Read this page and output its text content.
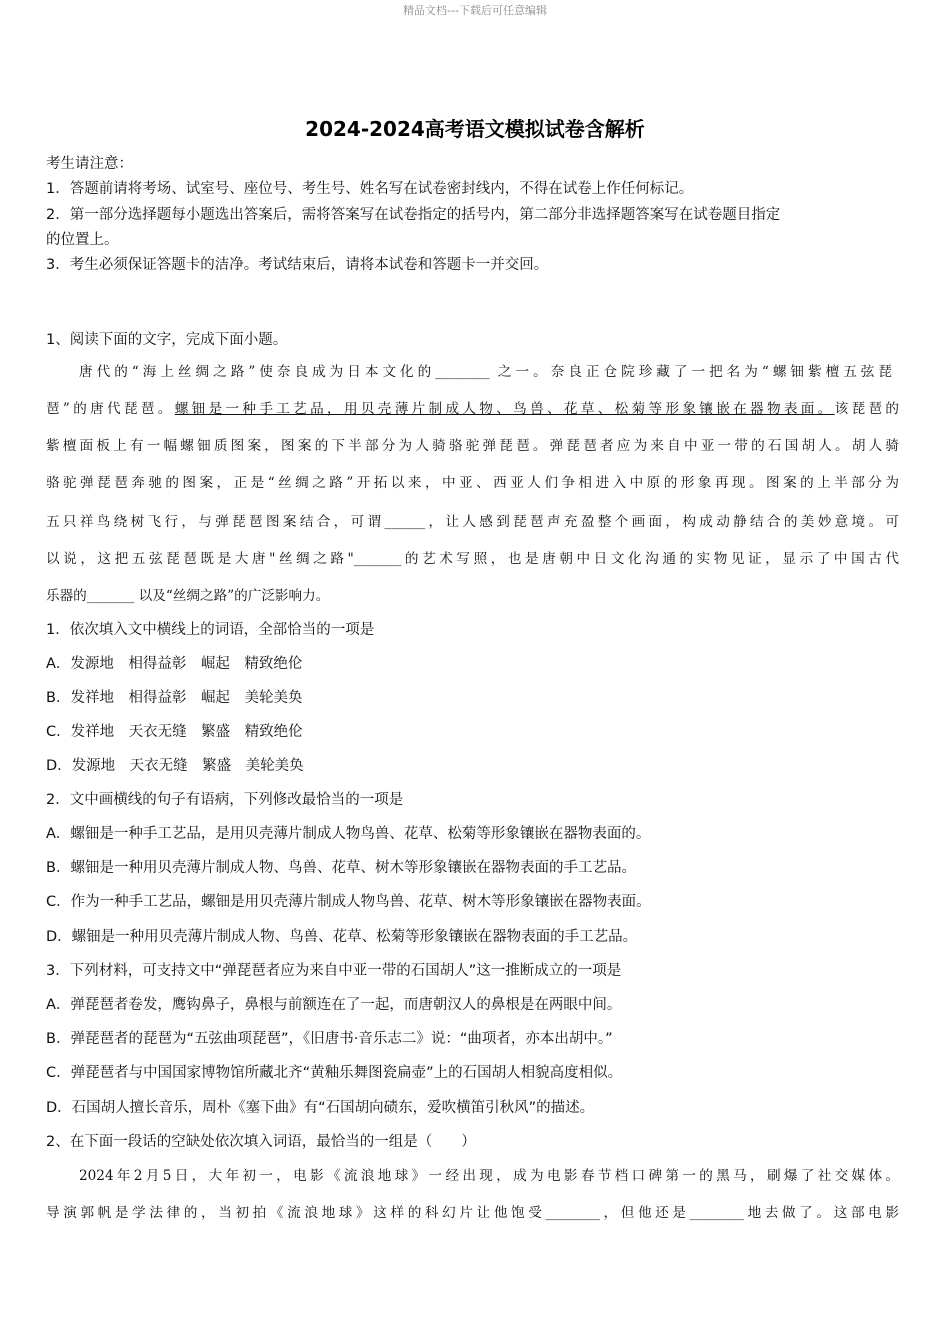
精品文档---下载后可任意编辑
2024-2024高考语文模拟试卷含解析
考生请注意：
1．答题前请将考场、试室号、座位号、考生号、姓名写在试卷密封线内，不得在试卷上作任何标记。
2．第一部分选择题每小题选出答案后，需将答案写在试卷指定的括号内，第二部分非选择题答案写在试卷题目指定
的位置上。
3．考生必须保证答题卡的洁净。考试结束后，请将本试卷和答题卡一并交回。
1、阅读下面的文字，完成下面小题。
唐代的“海上丝绸之路”使奈良成为日本文化的________ 之一。奈良正仓院珍藏了一把名为“螺钿紫檀五弦琵
琶”的唐代琵琶。螺钿是一种手工艺品，用贝壳薄片制成人物、鸟兽、花草、松菊等形象镶嵌在器物表面。该琵琶的
紫檀面板上有一幅螺钿质图案，图案的下半部分为人骑骆驼弹琵琶。弹琵琶者应为来自中亚一带的石国胡人。胡人骑
骆驼弹琵琶奔驰的图案，正是“丝绸之路”开拓以来，中亚、西亚人们争相进入中原的形象再现。图案的上半部分为
五只祥鸟绕树飞行，与弹琵琶图案结合，可谓______，让人感到琵琶声充盈整个画面，构成动静结合的美妙意境。可
以说，这把五弦琵琶既是大唐"丝绸之路"_______的艺术写照，也是唐朝中日文化沟通的实物见证，显示了中国古代
乐器的_______ 以及“丝绸之路”的广泛影响力。
1．依次填入文中横线上的词语，全部恰当的一项是
A．发源地　相得益彰　崛起　精致绝伦
B．发祥地　相得益彰　崛起　美轮美奂
C．发祥地　天衣无缝　繁盛　精致绝伦
D．发源地　天衣无缝　繁盛　美轮美奂
2．文中画横线的句子有语病，下列修改最恰当的一项是
A．螺钿是一种手工艺品，是用贝壳薄片制成人物鸟兽、花草、松菊等形象镶嵌在器物表面的。
B．螺钿是一种用贝壳薄片制成人物、鸟兽、花草、树木等形象镶嵌在器物表面的手工艺品。
C．作为一种手工艺品，螺钿是用贝壳薄片制成人物鸟兽、花草、树木等形象镶嵌在器物表面。
D．螺钿是一种用贝壳薄片制成人物、鸟兽、花草、松菊等形象镶嵌在器物表面的手工艺品。
3．下列材料，可支持文中“弹琵琶者应为来自中亚一带的石国胡人”这一推断成立的一项是
A．弹琵琶者卷发，鹰钩鼻子，鼻根与前额连在了一起，而唐朝汉人的鼻根是在两眼中间。
B．弹琵琶者的琵琶为“五弦曲项琵琶”，《旧唐书·音乐志二》说：“曲项者，亦本出胡中。”
C．弹琵琶者与中国国家博物馆所藏北齐“黄釉乐舞图瓷扁壶”上的石国胡人相貌高度相似。
D．石国胡人擅长音乐，周朴《塞下曲》有“石国胡向碛东，爱吹横笛引秋风”的描述。
2、在下面一段话的空缺处依次填入词语，最恰当的一组是（　　）
2024年2月5日，大年初一，电影《流浪地球》一经出现，成为电影春节档口碑第一的黑马，刷爆了社交媒体。
导演郭帆是学法律的，当初拍《流浪地球》这样的科幻片让他饱受________，但他还是________地去做了。这部电影
